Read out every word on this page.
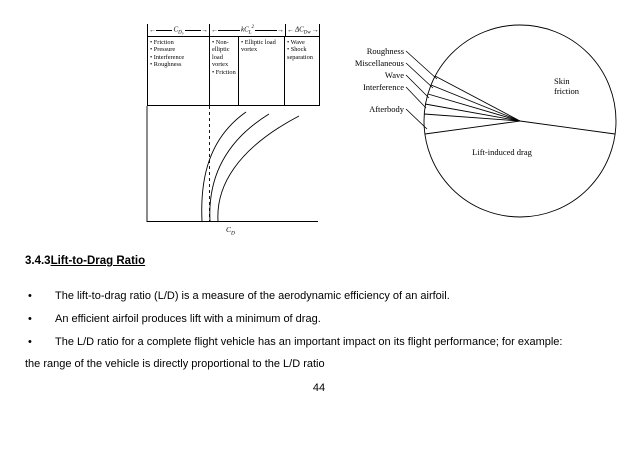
← $C_{D_0}$ → ←	$kC_L^2$	→ ← $\Delta C_{Dw}$ →
• Friction
• Pressure
• Interference
• Roughness
• Non-elliptic load vortex
• Friction
• Elliptic load vortex
• Wave
• Shock separation
$C_D$
Roughness
Miscellaneous
Wave
Interference
Afterbody
Skin friction
Lift-induced drag
3.4.3Lift-to-Drag Ratio
• The lift-to-drag ratio (L/D) is a measure of the aerodynamic efficiency of an airfoil.
• An efficient airfoil produces lift with a minimum of drag.
• The L/D ratio for a complete flight vehicle has an important impact on its flight performance; for example:
the range of the vehicle is directly proportional to the L/D ratio
44
